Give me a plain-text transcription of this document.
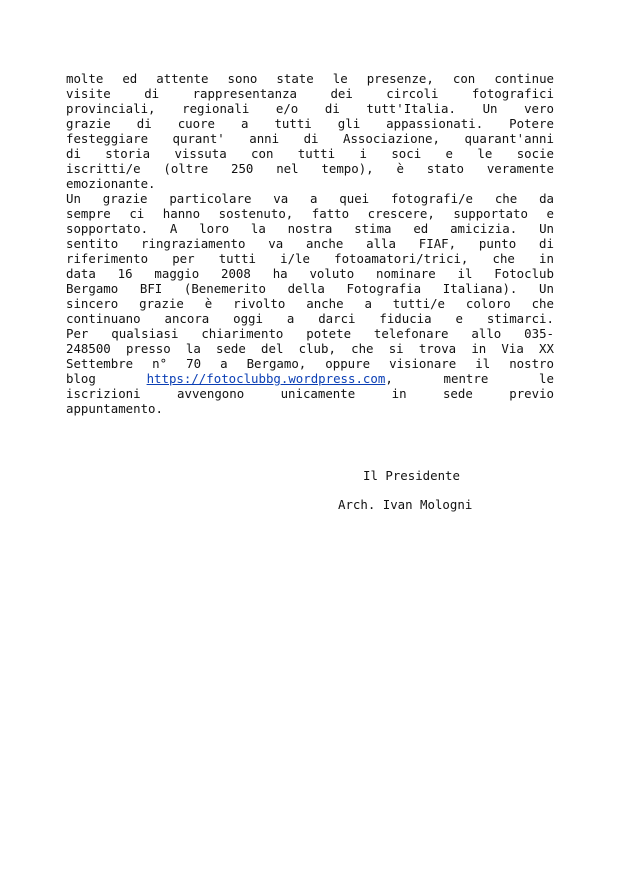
molte ed attente sono state le presenze, con continue
visite	di	rappresentanza	dei	circoli	fotografici
provinciali, regionali e/o di tutt'Italia. Un vero
grazie di cuore a tutti gli appassionati. Potere
festeggiare qurant' anni di Associazione, quarant'anni
di storia vissuta con tutti i soci e le socie
iscritti/e (oltre 250 nel tempo), è stato veramente
emozionante.
Un grazie particolare va a quei fotografi/e che da
sempre ci hanno sostenuto, fatto crescere, supportato e
sopportato. A loro la nostra stima ed amicizia. Un
sentito ringraziamento va anche alla FIAF, punto di
riferimento per tutti i/le fotoamatori/trici, che in
data 16 maggio 2008 ha voluto nominare il Fotoclub
Bergamo BFI (Benemerito della Fotografia Italiana). Un
sincero grazie è rivolto anche a tutti/e coloro che
continuano ancora oggi a darci fiducia e stimarci.
Per qualsiasi chiarimento potete telefonare allo 035-
248500 presso la sede del club, che si trova in Via XX
Settembre n° 70 a Bergamo, oppure visionare il nostro
blog	https://fotoclubbg.wordpress.com,	mentre	le
iscrizioni	avvengono	unicamente	in	sede	previo
appuntamento.
Il Presidente
Arch. Ivan Mologni
